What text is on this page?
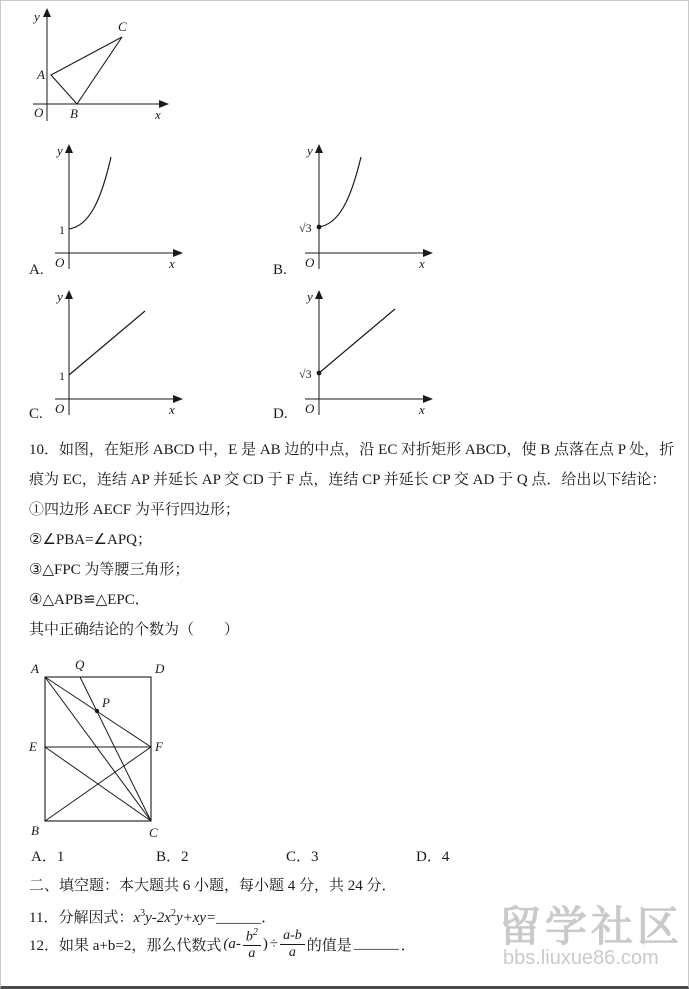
y
x
O
A
B
C
y
x
O
1
A.
y
x
O
√3
B.
y
x
O
1
C.
y
x
O
√3
D.
10．如图，在矩形 ABCD 中，E 是 AB 边的中点，沿 EC 对折矩形 ABCD，使 B 点落在点 P 处，折
痕为 EC，连结 AP 并延长 AP 交 CD 于 F 点，连结 CP 并延长 CP 交 AD 于 Q 点．给出以下结论：
①四边形 AECF 为平行四边形；
②∠PBA=∠APQ；
③△FPC 为等腰三角形；
④△APB≌△EPC．
其中正确结论的个数为（　　）
A	Q	D
P
E	F
B	C
A．1	B．2	C．3	D．4
二、填空题：本大题共 6 小题，每小题 4 分，共 24 分．
11．分解因式：$x^3y-2x^2y+xy=\_\_\_\_\_\_$．
12．如果 a+b=2，那么代数式 ($a- \frac{b^2}{a}$ ) ÷ $\frac{a-b}{a}$ 的值是 ______ ． 留学社区
bbs.liuxue86.com
